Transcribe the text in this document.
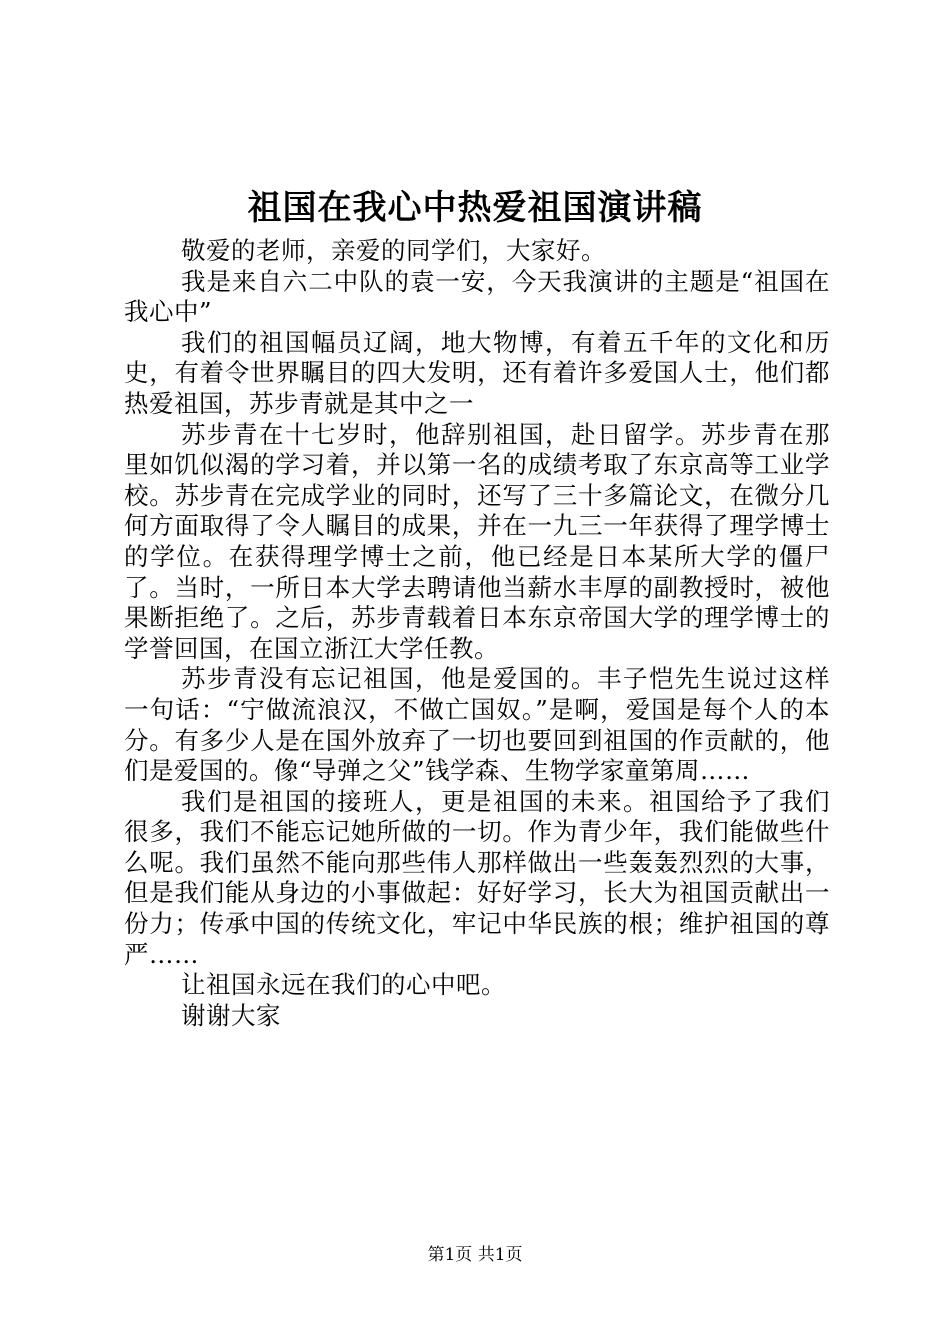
祖国在我心中热爱祖国演讲稿

敬爱的老师，亲爱的同学们，大家好。

我是来自六二中队的袁一安，今天我演讲的主题是“祖国在我心中”

我们的祖国幅员辽阔，地大物博，有着五千年的文化和历史，有着令世界瞩目的四大发明，还有着许多爱国人士，他们都热爱祖国，苏步青就是其中之一

苏步青在十七岁时，他辞别祖国，赴日留学。苏步青在那里如饥似渴的学习着，并以第一名的成绩考取了东京高等工业学校。苏步青在完成学业的同时，还写了三十多篇论文，在微分几何方面取得了令人瞩目的成果，并在一九三一年获得了理学博士的学位。在获得理学博士之前，他已经是日本某所大学的僵尸了。当时，一所日本大学去聘请他当薪水丰厚的副教授时，被他果断拒绝了。之后，苏步青载着日本东京帝国大学的理学博士的学誉回国，在国立浙江大学任教。

苏步青没有忘记祖国，他是爱国的。丰子恺先生说过这样一句话：“宁做流浪汉，不做亡国奴。”是啊，爱国是每个人的本分。有多少人是在国外放弃了一切也要回到祖国的作贡献的，他们是爱国的。像“导弹之父”钱学森、生物学家童第周……

我们是祖国的接班人，更是祖国的未来。祖国给予了我们很多，我们不能忘记她所做的一切。作为青少年，我们能做些什么呢。我们虽然不能向那些伟人那样做出一些轰轰烈烈的大事，但是我们能从身边的小事做起：好好学习，长大为祖国贡献出一份力；传承中国的传统文化，牢记中华民族的根；维护祖国的尊严……

让祖国永远在我们的心中吧。

谢谢大家

第1页 共1页
